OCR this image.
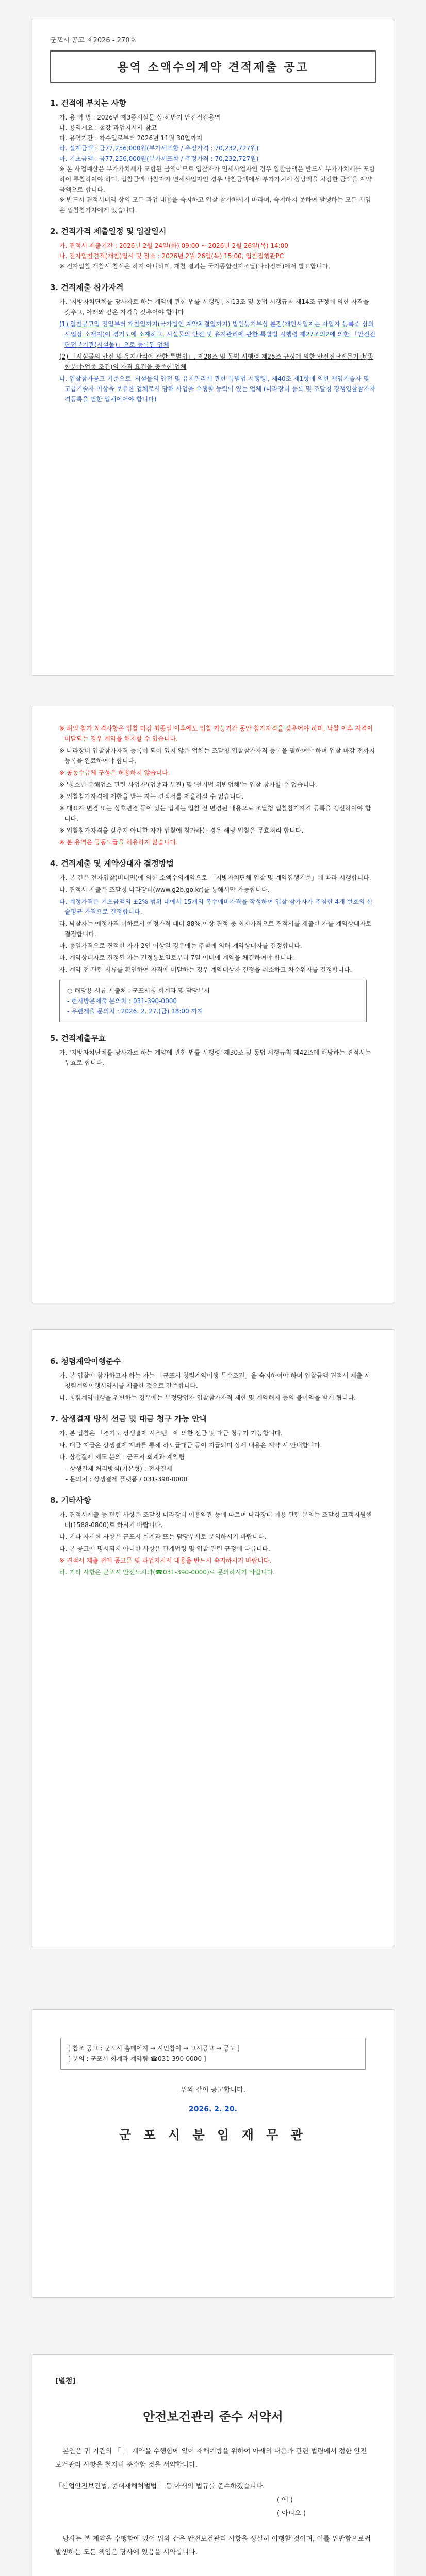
군포시 공고 제2026 - 270호
용역 소액수의계약 견적제출 공고
1. 견적에 부치는 사항
가. 용 역 명 : 2026년 제3종시설물 상·하반기 안전점검용역
나. 용역개요 : 철강 과업지시서 참고
다. 용역기간 : 착수일로부터 2026년 11월 30일까지
라. 설계금액 : 금77,256,000원(부가세포함 / 추정가격 : 70,232,727원)
마. 기초금액 : 금77,256,000원(부가세포함 / 추정가격 : 70,232,727원)
※ 본 사업예산은 부가가치세가 포함된 금액이므로 입찰자가 면세사업자인 경우 입찰금액은 반드시 부가가치세를 포함하여 투찰하여야 하며, 입찰금액 낙찰자가 면세사업자인 경우 낙찰금액에서 부가가치세 상당액을 차감한 금액을 계약금액으로 합니다.
※ 반드시 견적서내역 상의 모든 과업 내용을 숙지하고 입찰 참가하시기 바라며, 숙지하지 못하여 발생하는 모든 책임은 입찰참가자에게 있습니다.
2. 견적가격 제출일정 및 입찰일시
가. 견적서 제출기간 : 2026년 2월 24일(화) 09:00 ~ 2026년 2월 26일(목) 14:00
나. 전자입찰견적(개찰)일시 및 장소 : 2026년 2월 26일(목) 15:00, 입찰집행관PC
※ 전자입찰 개찰시 참석은 하지 아니하며, 개찰 결과는 국가종합전자조달(나라장터)에서 발표합니다.
3. 견적제출 참가자격
가. '지방자치단체를 당사자로 하는 계약에 관한 법률 시행령', 제13조 및 동법 시행규칙 제14조 규정에 의한 자격을 갖추고, 아래와 같은 자격을 갖추어야 합니다.
(1) 입찰공고일 전일부터 개찰일까지(국가법인 계약체결일까지) 법인등기부상 본점(개인사업자는 사업자 등록증 상의 사업장 소재지)이 경기도에 소재하고, 시설물의 안전 및 유지관리에 관한 특별법 시행령 제27조의2에 의한 「안전진단전문기관(시설물)」으로 등록된 업체
(2) 「시설물의 안전 및 유지관리에 관한 특별법」, 제28조 및 동법 시행령 제25조 규정에 의한 안전진단전문기관(종합분야·업종 조건)의 자격 요건을 충족한 업체
나. 입찰참가공고 기준으로 '시설물의 안전 및 유지관리에 관한 특별법 시행령', 제40조 제1항에 의한 책임기술자 및 고급기술자 이상을 보유한 업체로서 당해 사업을 수행할 능력이 있는 업체 (나라장터 등록 및 조달청 경쟁입찰참가자격등록을 필한 업체이어야 합니다)
※ 위의 참가 자격사항은 입찰 마감 최종일 이후에도 입찰 가능기간 동안 참가자격을 갖추어야 하며, 낙찰 이후 자격이 미달되는 경우 계약을 해지할 수 있습니다.
※ 나라장터 입찰참가자격 등록이 되어 있지 않은 업체는 조달청 입찰참가자격 등록을 필하여야 하며 입찰 마감 전까지 등록을 완료하여야 합니다.
※ 공동수급체 구성은 허용하지 않습니다.
※ '청소년 유해업소 관련 사업자'(업종과 무관) 및 '선거법 위반업체'는 입찰 참가할 수 없습니다.
※ 입찰참가자격에 제한을 받는 자는 견적서를 제출하실 수 없습니다.
※ 대표자 변경 또는 상호변경 등이 있는 업체는 입찰 전 변경된 내용으로 조달청 입찰참가자격 등록을 갱신하여야 합니다.
※ 입찰참가자격을 갖추지 아니한 자가 입찰에 참가하는 경우 해당 입찰은 무효처리 합니다.
※ 본 용역은 공동도급을 허용하지 않습니다.
4. 견적제출 및 계약상대자 결정방법
가. 본 건은 전자입찰(비대면)에 의한 소액수의계약으로 「지방자치단체 입찰 및 계약집행기준」에 따라 시행합니다.
나. 견적서 제출은 조달청 나라장터(www.g2b.go.kr)를 통해서만 가능합니다.
다. 예정가격은 기초금액의 ±2% 범위 내에서 15개의 복수예비가격을 작성하여 입찰 참가자가 추첨한 4개 번호의 산술평균 가격으로 결정합니다.
라. 낙찰자는 예정가격 이하로서 예정가격 대비 88% 이상 견적 중 최저가격으로 견적서를 제출한 자를 계약상대자로 결정합니다.
마. 동일가격으로 견적한 자가 2인 이상일 경우에는 추첨에 의해 계약상대자를 결정합니다.
바. 계약상대자로 결정된 자는 결정통보일로부터 7일 이내에 계약을 체결하여야 합니다.
사. 계약 전 관련 서류를 확인하여 자격에 미달하는 경우 계약대상자 결정을 취소하고 차순위자를 결정합니다.
○ 해당용 서류 제출처 : 군포시청 회계과 및 담당부서
- 현지방문제출 문의처 : 031-390-0000
- 우편제출 문의처 : 2026. 2. 27.(금) 18:00 까지
5. 견적제출무효
가. '지방자치단체를 당사자로 하는 계약에 관한 법률 시행령' 제30조 및 동법 시행규칙 제42조에 해당하는 견적서는 무효로 합니다.
6. 청렴계약이행준수
가. 본 입찰에 참가하고자 하는 자는 「군포시 청렴계약이행 특수조건」을 숙지하여야 하며 입찰금액 견적서 제출 시 청렴계약이행서약서를 제출한 것으로 간주합니다.
나. 청렴계약이행을 위반하는 경우에는 부정당업자 입찰참가자격 제한 및 계약해지 등의 불이익을 받게 됩니다.
7. 상생결제 방식 선금 및 대금 청구 가능 안내
가. 본 입찰은 「경기도 상생결제 시스템」에 의한 선금 및 대금 청구가 가능합니다.
나. 대금 지급은 상생결제 계좌를 통해 하도급대금 등이 지급되며 상세 내용은 계약 시 안내합니다.
다. 상생결제 제도 문의 : 군포시 회계과 계약팀
- 상생결제 처리방식(기본형) : 전자결제
- 문의처 : 상생결제 플랫폼 / 031-390-0000
8. 기타사항
가. 견적서제출 등 관련 사항은 조달청 나라장터 이용약관 등에 따르며 나라장터 이용 관련 문의는 조달청 고객지원센터(1588-0800)로 하시기 바랍니다.
나. 기타 자세한 사항은 군포시 회계과 또는 담당부서로 문의하시기 바랍니다.
다. 본 공고에 명시되지 아니한 사항은 관계법령 및 입찰 관련 규정에 따릅니다.
※ 견적서 제출 전에 공고문 및 과업지시서 내용을 반드시 숙지하시기 바랍니다.
라. 기타 사항은 군포시 안전도시과(☎031-390-0000)로 문의하시기 바랍니다.
[ 참조 공고 : 군포시 홈페이지 → 시민참여 → 고시공고 → 공고 ]
[ 문의 : 군포시 회계과 계약팀 ☎031-390-0000 ]
위와 같이 공고합니다.
2026. 2. 20.
군 포 시 분 임 재 무 관
[별첨]
안전보건관리 준수 서약서

본인은 귀 기관의 「 」 계약을 수행함에 있어 재해예방을 위하여 아래의 내용과 관련 법령에서 정한 안전보건관리 사항을 철저히 준수할 것을 서약합니다.

「산업안전보건법, 중대재해처벌법」 등 아래의 법규를 준수하겠습니다.
( 예 )
( 아니오 )

당사는 본 계약을 수행함에 있어 위와 같은 안전보건관리 사항을 성실히 이행할 것이며, 이를 위반함으로써 발생하는 모든 책임은 당사에 있음을 서약합니다.
